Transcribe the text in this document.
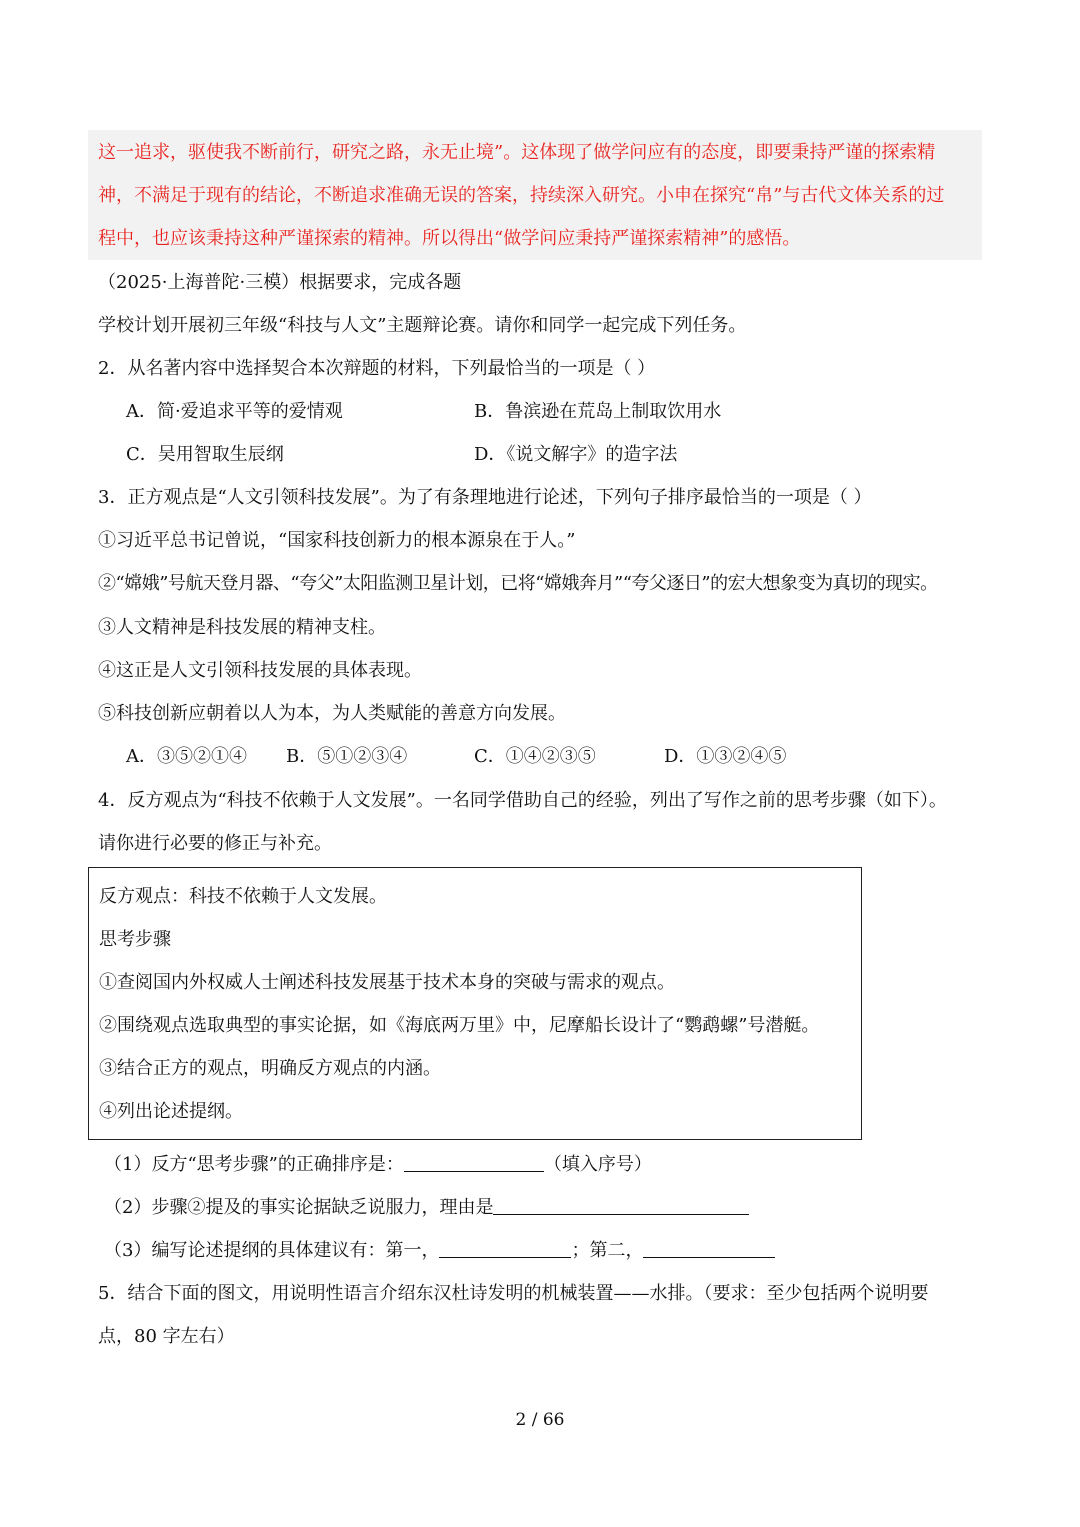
这一追求，驱使我不断前行，研究之路，永无止境”。这体现了做学问应有的态度，即要秉持严谨的探索精
神，不满足于现有的结论，不断追求准确无误的答案，持续深入研究。小申在探究“帛”与古代文体关系的过
程中，也应该秉持这种严谨探索的精神。所以得出“做学问应秉持严谨探索精神”的感悟。
（2025·上海普陀·三模）根据要求，完成各题
学校计划开展初三年级“科技与人文”主题辩论赛。请你和同学一起完成下列任务。
2．从名著内容中选择契合本次辩题的材料，下列最恰当的一项是（ ）
A．简·爱追求平等的爱情观	B．鲁滨逊在荒岛上制取饮用水
C．吴用智取生辰纲	D．《说文解字》的造字法
3．正方观点是“人文引领科技发展”。为了有条理地进行论述，下列句子排序最恰当的一项是（ ）
①习近平总书记曾说，“国家科技创新力的根本源泉在于人。”
②“嫦娥”号航天登月器、“夸父”太阳监测卫星计划，已将“嫦娥奔月”“夸父逐日”的宏大想象变为真切的现实。
③人文精神是科技发展的精神支柱。
④这正是人文引领科技发展的具体表现。
⑤科技创新应朝着以人为本，为人类赋能的善意方向发展。
A．③⑤②①④ B．⑤①②③④	C．①④②③⑤	D．①③②④⑤
4．反方观点为“科技不依赖于人文发展”。一名同学借助自己的经验，列出了写作之前的思考步骤（如下）。
请你进行必要的修正与补充。
反方观点：科技不依赖于人文发展。
思考步骤
①查阅国内外权威人士阐述科技发展基于技术本身的突破与需求的观点。
②围绕观点选取典型的事实论据，如《海底两万里》中，尼摩船长设计了“鹦鹉螺”号潜艇。
③结合正方的观点，明确反方观点的内涵。
④列出论述提纲。
（1）反方“思考步骤”的正确排序是：	（填入序号）
（2）步骤②提及的事实论据缺乏说服力，理由是
（3）编写论述提纲的具体建议有：第一，	；第二，
5．结合下面的图文，用说明性语言介绍东汉杜诗发明的机械装置——水排。（要求：至少包括两个说明要
点，80 字左右）
2 / 66
